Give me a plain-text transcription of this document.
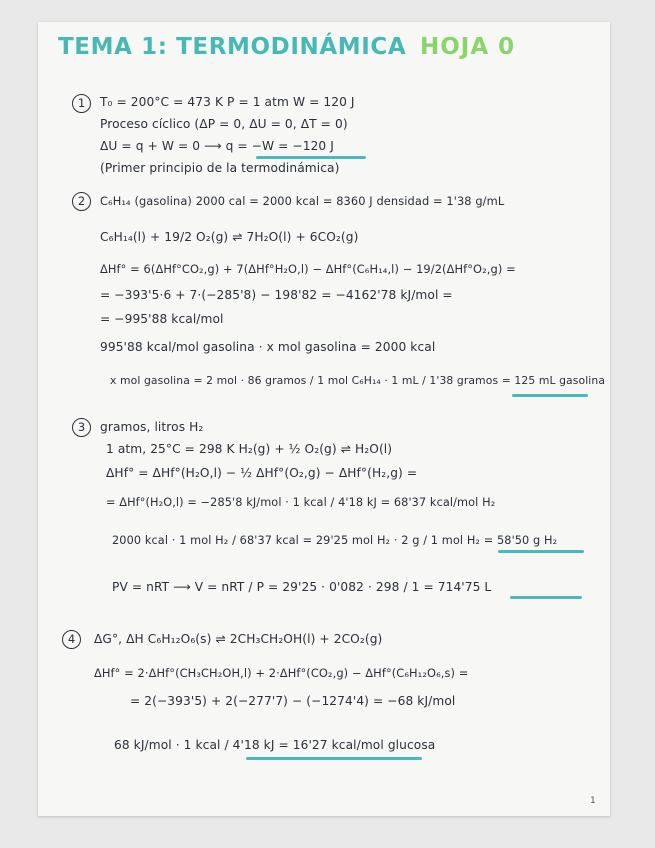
TEMA 1: TERMODINÁMICA HOJA 0
1	T₀ = 200°C = 473 K P = 1 atm W = 120 J
Proceso cíclico (ΔP = 0, ΔU = 0, ΔT = 0)
ΔU = q + W = 0 ⟶ q = −W = −120 J
(Primer principio de la termodinámica)
2	C₆H₁₄ (gasolina) 2000 cal = 2000 kcal = 8360 J densidad = 1'38 g/mL
C₆H₁₄(l) + 19/2 O₂(g) ⇌ 7H₂O(l) + 6CO₂(g)
ΔHf° = 6(ΔHf°CO₂,g) + 7(ΔHf°H₂O,l) − ΔHf°(C₆H₁₄,l) − 19/2(ΔHf°O₂,g) =
= −393'5·6 + 7·(−285'8) − 198'82 = −4162'78 kJ/mol =
= −995'88 kcal/mol
995'88 kcal/mol gasolina · x mol gasolina = 2000 kcal
x mol gasolina = 2 mol · 86 gramos / 1 mol C₆H₁₄ · 1 mL / 1'38 gramos = 125 mL gasolina
3	gramos, litros H₂
1 atm, 25°C = 298 K H₂(g) + ½ O₂(g) ⇌ H₂O(l)
ΔHf° = ΔHf°(H₂O,l) − ½ ΔHf°(O₂,g) − ΔHf°(H₂,g) =
= ΔHf°(H₂O,l) = −285'8 kJ/mol · 1 kcal / 4'18 kJ = 68'37 kcal/mol H₂
2000 kcal · 1 mol H₂ / 68'37 kcal = 29'25 mol H₂ · 2 g / 1 mol H₂ = 58'50 g H₂
PV = nRT ⟶ V = nRT / P = 29'25 · 0'082 · 298 / 1 = 714'75 L
4	ΔG°, ΔH C₆H₁₂O₆(s) ⇌ 2CH₃CH₂OH(l) + 2CO₂(g)
ΔHf° = 2·ΔHf°(CH₃CH₂OH,l) + 2·ΔHf°(CO₂,g) − ΔHf°(C₆H₁₂O₆,s) =
= 2(−393'5) + 2(−277'7) − (−1274'4) = −68 kJ/mol
68 kJ/mol · 1 kcal / 4'18 kJ = 16'27 kcal/mol glucosa
1
